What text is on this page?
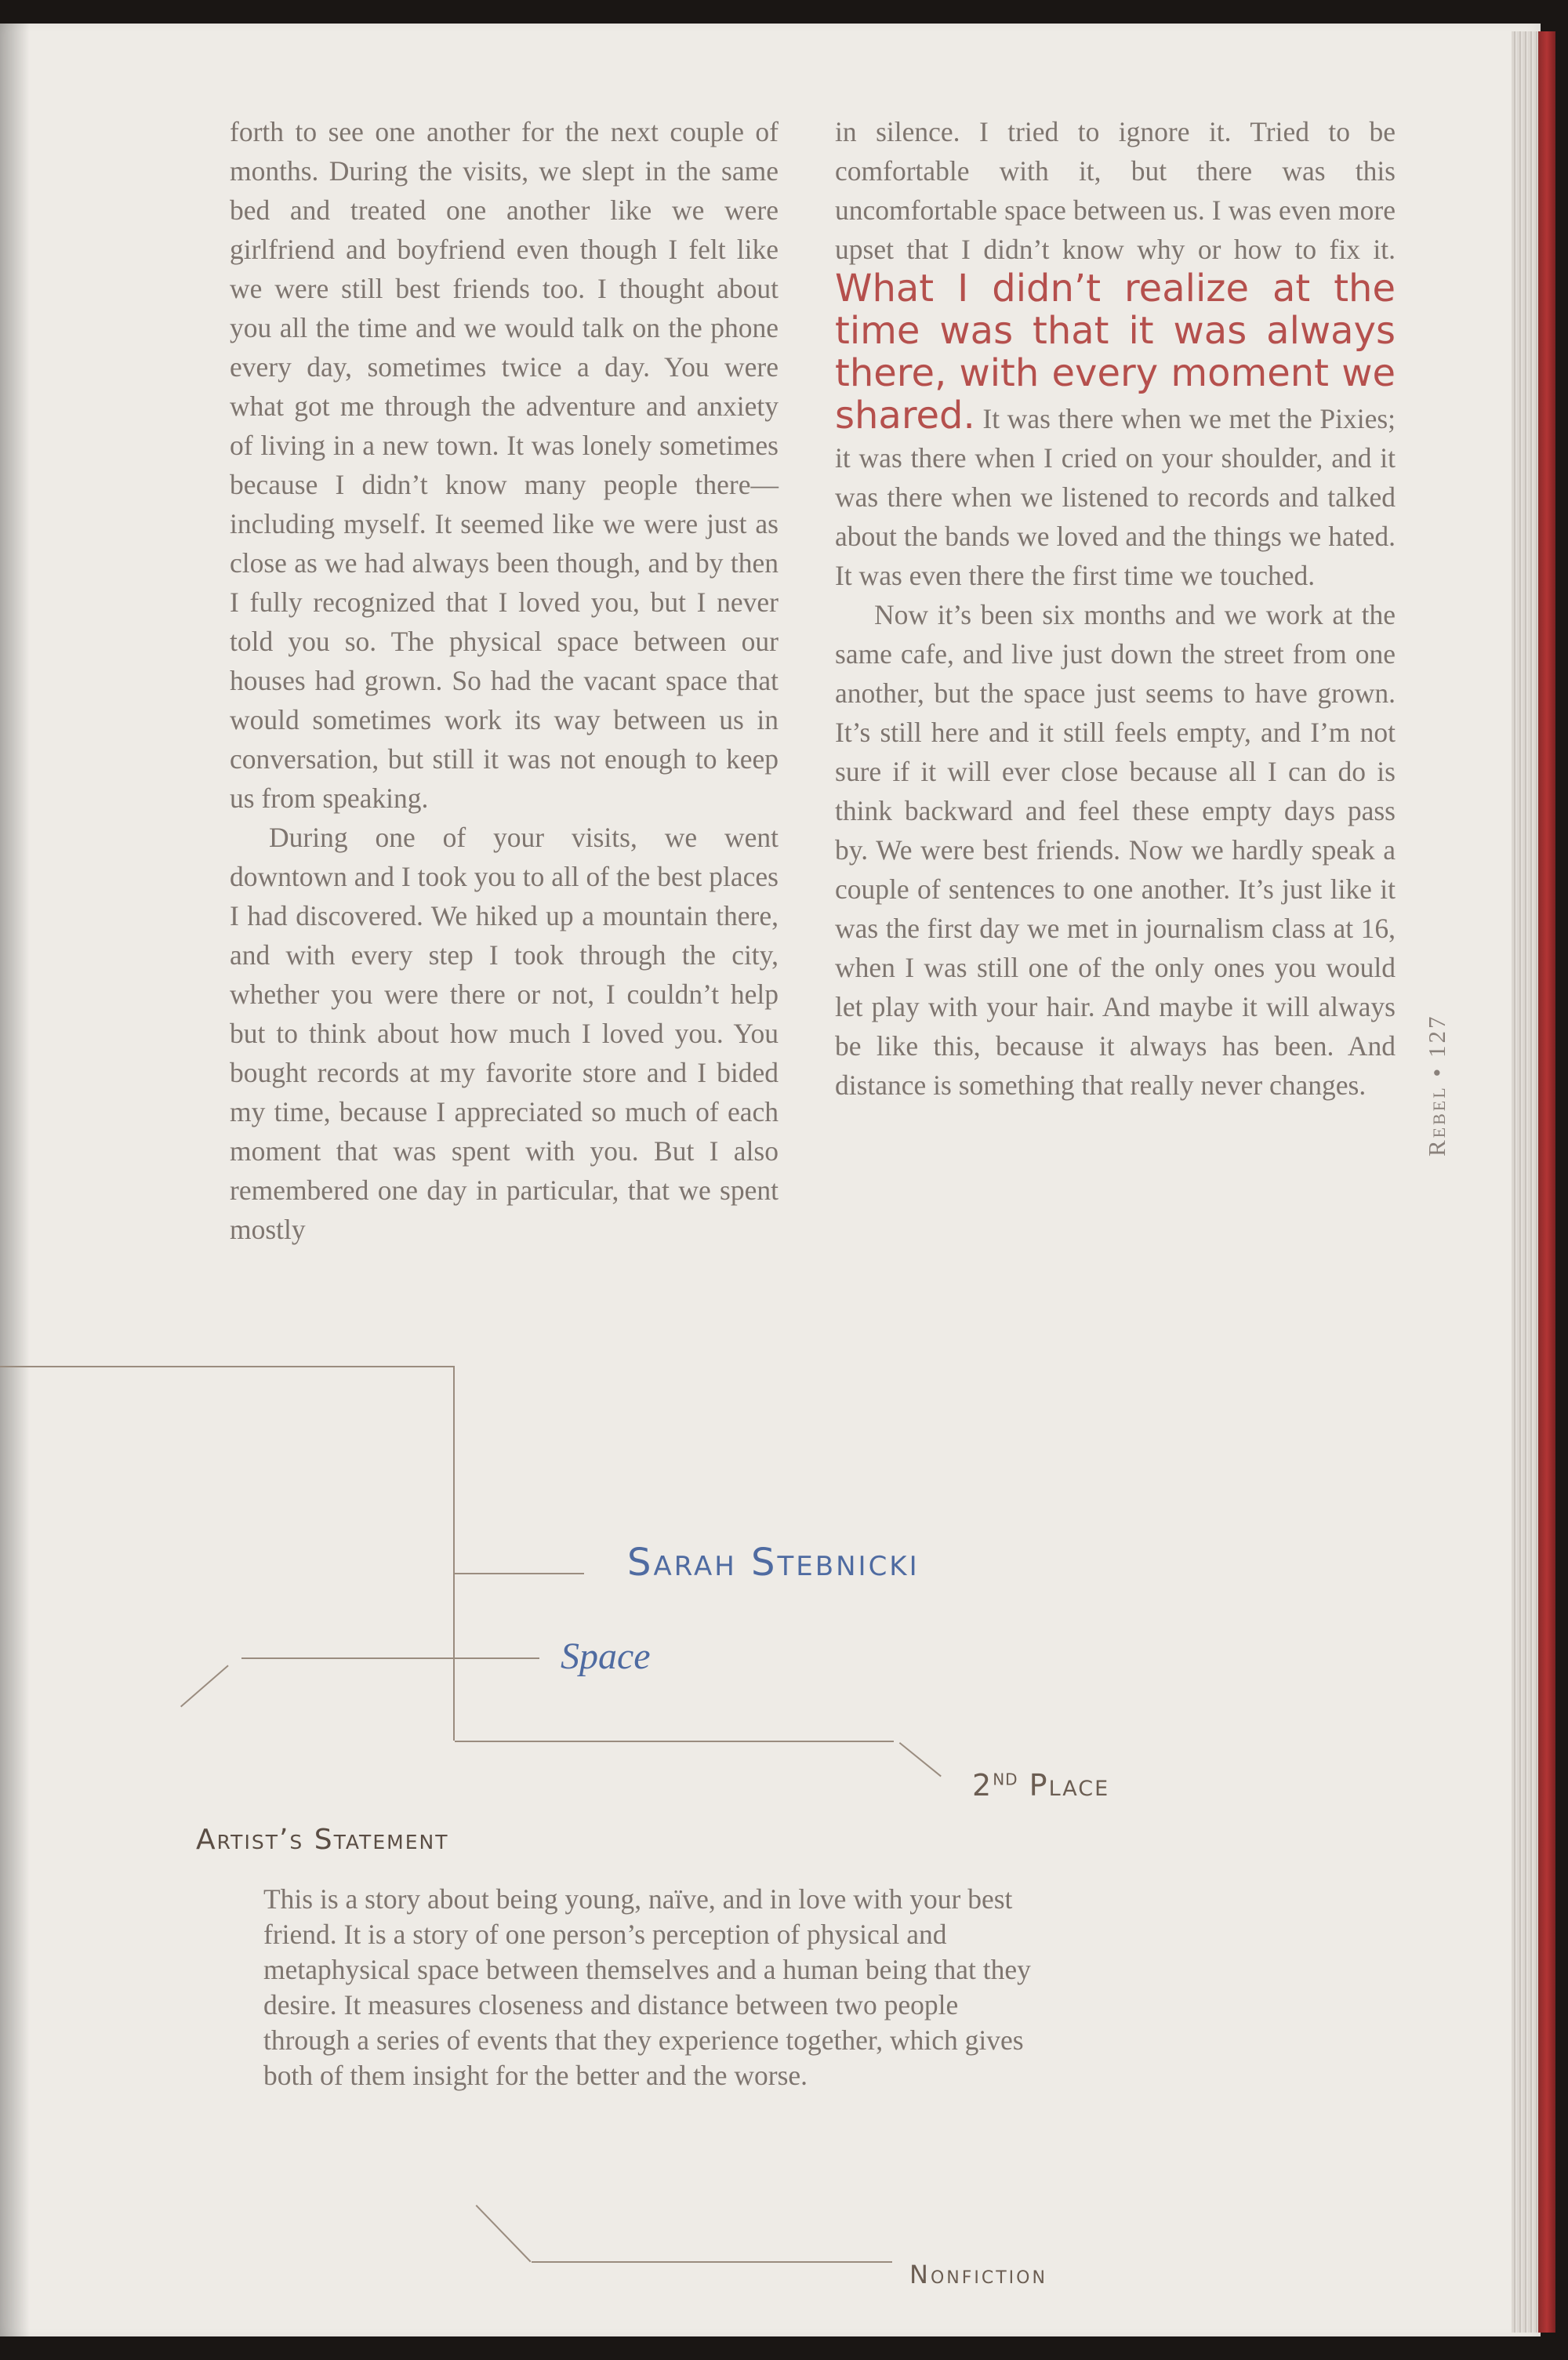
forth to see one another for the next couple of months. During the visits, we slept in the same bed and treated one another like we were girlfriend and boyfriend even though I felt like we were still best friends too. I thought about you all the time and we would talk on the phone every day, sometimes twice a day. You were what got me through the adventure and anxiety of living in a new town. It was lonely sometimes because I didn’t know many people there—including myself. It seemed like we were just as close as we had always been though, and by then I fully recognized that I loved you, but I never told you so. The physical space between our houses had grown. So had the vacant space that would sometimes work its way between us in conversation, but still it was not enough to keep us from speaking.

During one of your visits, we went downtown and I took you to all of the best places I had discovered. We hiked up a mountain there, and with every step I took through the city, whether you were there or not, I couldn’t help but to think about how much I loved you. You bought records at my favorite store and I bided my time, because I appreciated so much of each moment that was spent with you. But I also remembered one day in particular, that we spent mostly

in silence. I tried to ignore it. Tried to be comfortable with it, but there was this uncomfortable space between us. I was even more upset that I didn’t know why or how to fix it. What I didn’t realize at the time was that it was always there, with every moment we shared. It was there when we met the Pixies; it was there when I cried on your shoulder, and it was there when we listened to records and talked about the bands we loved and the things we hated. It was even there the first time we touched.

Now it’s been six months and we work at the same cafe, and live just down the street from one another, but the space just seems to have grown. It’s still here and it still feels empty, and I’m not sure if it will ever close because all I can do is think backward and feel these empty days pass by. We were best friends. Now we hardly speak a couple of sentences to one another. It’s just like it was the first day we met in journalism class at 16, when I was still one of the only ones you would let play with your hair. And maybe it will always be like this, because it always has been. And distance is something that really never changes.	Rebel • 127
Sarah Stebnicki
Space
2ND Place
Artist’s Statement

This is a story about being young, naïve, and in love with your best friend. It is a story of one person’s perception of physical and metaphysical space between themselves and a human being that they desire. It measures closeness and distance between two people through a series of events that they experience together, which gives both of them insight for the better and the worse.

Nonfiction
